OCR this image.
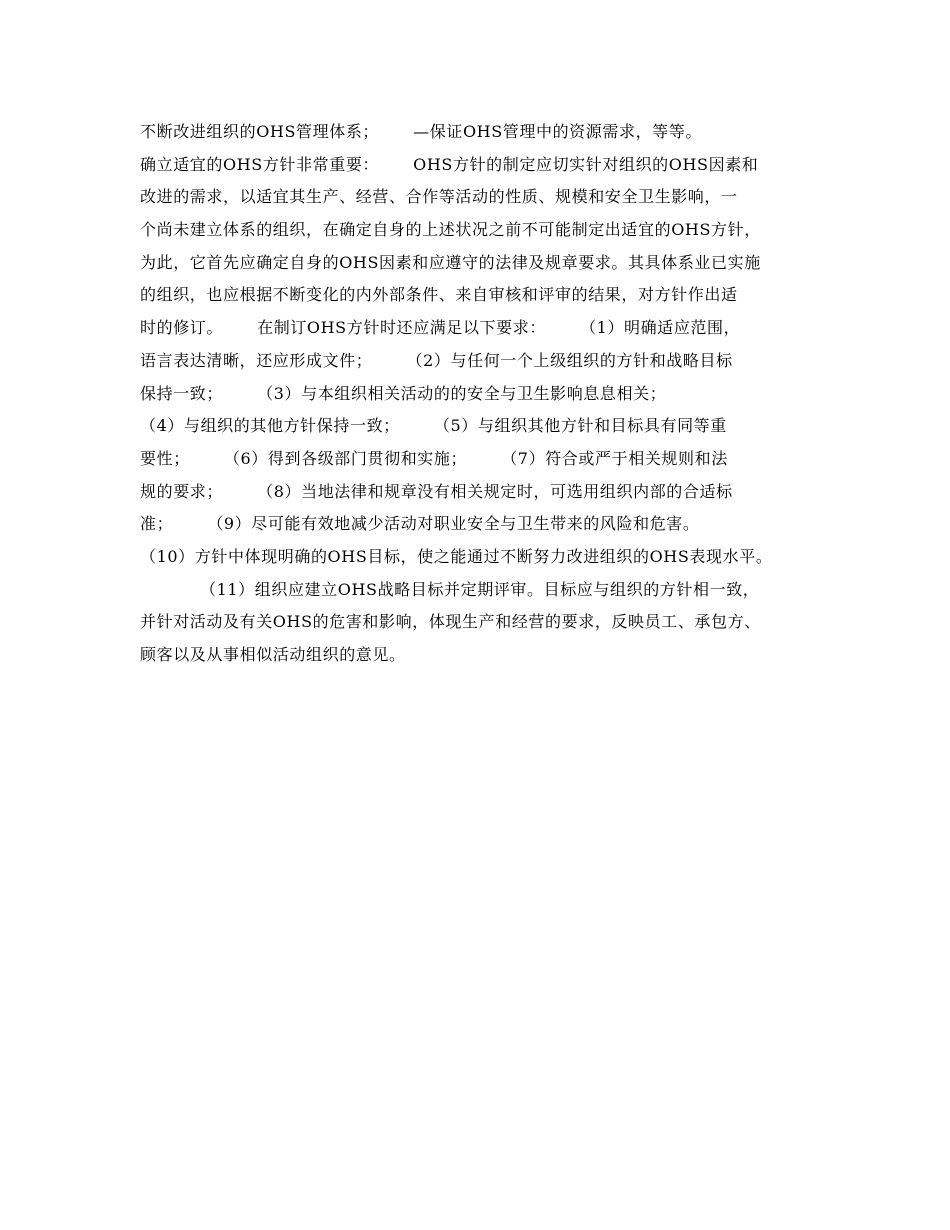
不断改进组织的OHS管理体系；      —保证OHS管理中的资源需求，等等。
确立适宜的OHS方针非常重要：      OHS方针的制定应切实针对组织的OHS因素和
改进的需求，以适宜其生产、经营、合作等活动的性质、规模和安全卫生影响，一
个尚未建立体系的组织，在确定自身的上述状况之前不可能制定出适宜的OHS方针，
为此，它首先应确定自身的OHS因素和应遵守的法律及规章要求。其具体系业已实施
的组织，也应根据不断变化的内外部条件、来自审核和评审的结果，对方针作出适
时的修订。      在制订OHS方针时还应满足以下要求：      （1）明确适应范围，
语言表达清晰，还应形成文件；      （2）与任何一个上级组织的方针和战略目标
保持一致；      （3）与本组织相关活动的的安全与卫生影响息息相关；
（4）与组织的其他方针保持一致；      （5）与组织其他方针和目标具有同等重
要性；      （6）得到各级部门贯彻和实施；      （7）符合或严于相关规则和法
规的要求；      （8）当地法律和规章没有相关规定时，可选用组织内部的合适标
准；      （9）尽可能有效地减少活动对职业安全与卫生带来的风险和危害。
（10）方针中体现明确的OHS目标，使之能通过不断努力改进组织的OHS表现水平。
（11）组织应建立OHS战略目标并定期评审。目标应与组织的方针相一致，
并针对活动及有关OHS的危害和影响，体现生产和经营的要求，反映员工、承包方、
顾客以及从事相似活动组织的意见。
